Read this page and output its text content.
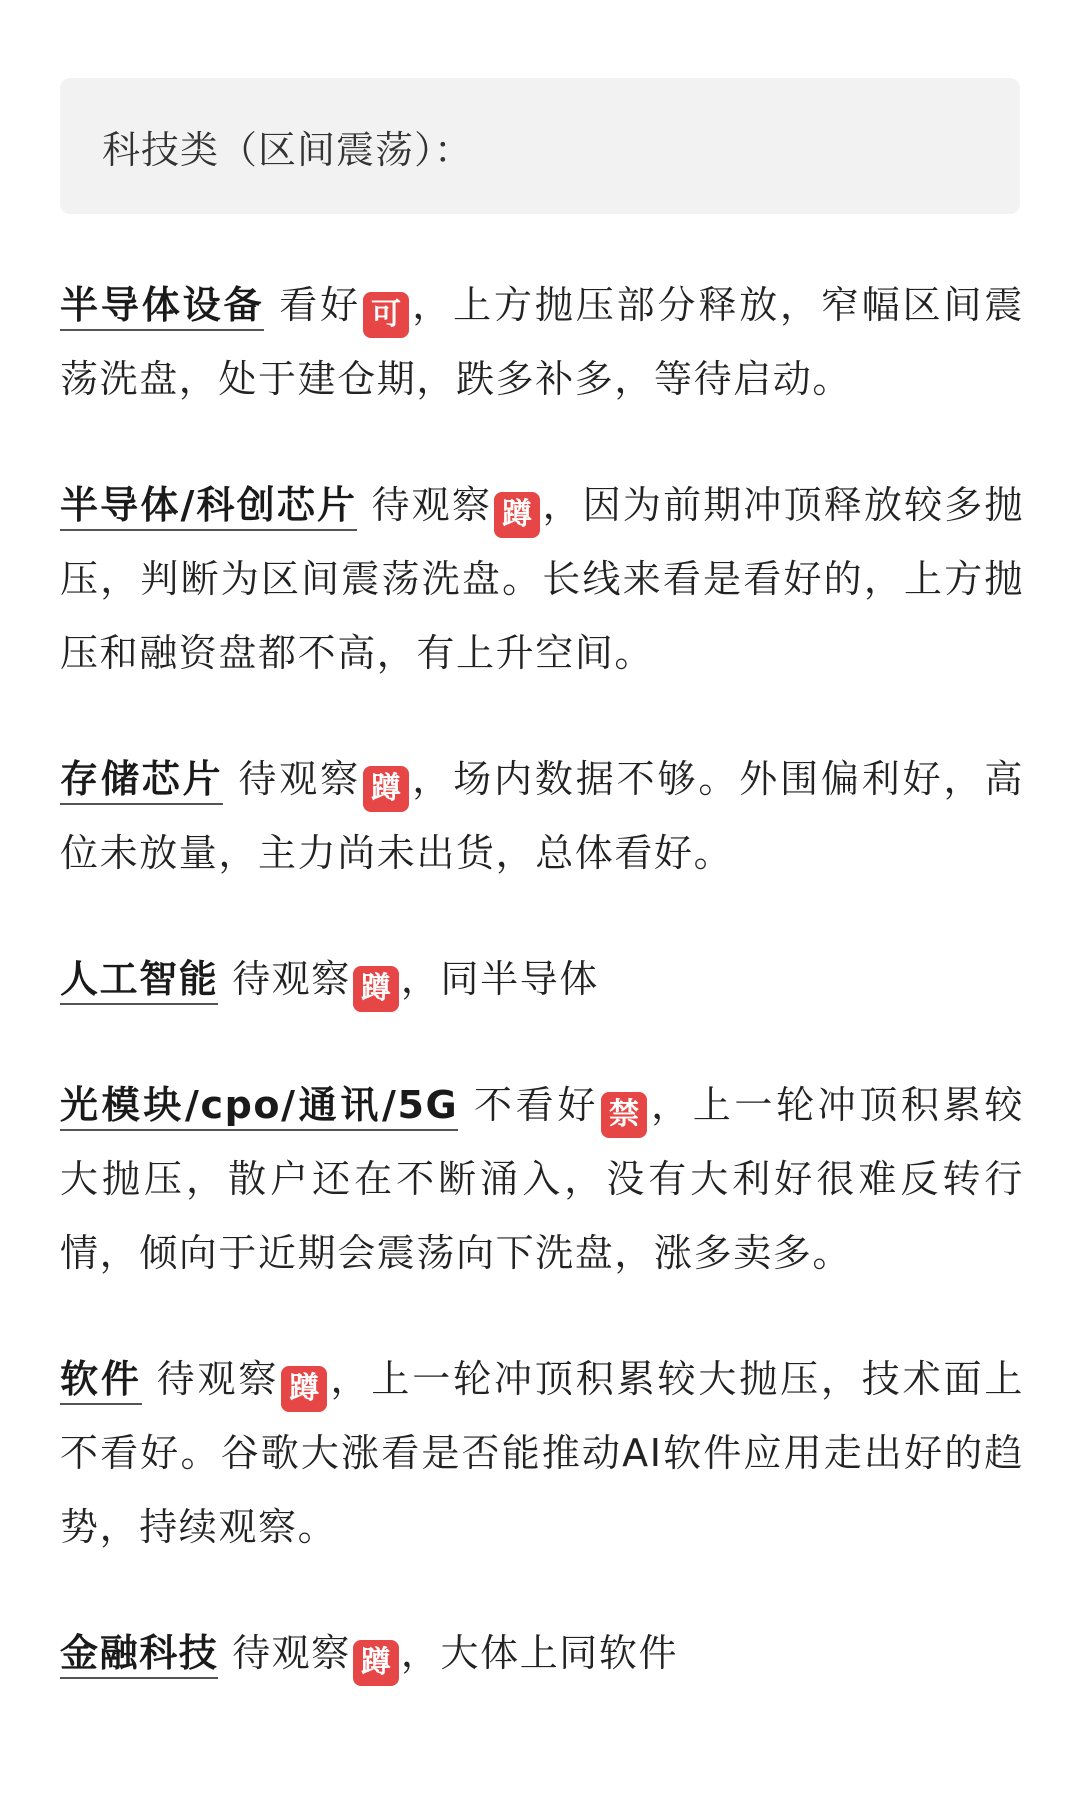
科技类（区间震荡）：

半导体设备 看好 可 ，上方抛压部分释放，窄幅区间震荡洗盘，处于建仓期，跌多补多，等待启动。

半导体/科创芯片 待观察 蹲 ，因为前期冲顶释放较多抛压，判断为区间震荡洗盘。长线来看是看好的，上方抛压和融资盘都不高，有上升空间。

存储芯片 待观察 蹲 ，场内数据不够。外围偏利好，高位未放量，主力尚未出货，总体看好。

人工智能 待观察 蹲 ，同半导体

光模块/cpo/通讯/5G 不看好 禁 ，上一轮冲顶积累较大抛压，散户还在不断涌入，没有大利好很难反转行情，倾向于近期会震荡向下洗盘，涨多卖多。

软件 待观察 蹲 ，上一轮冲顶积累较大抛压，技术面上不看好。谷歌大涨看是否能推动AI软件应用走出好的趋势，持续观察。

金融科技 待观察 蹲 ，大体上同软件
